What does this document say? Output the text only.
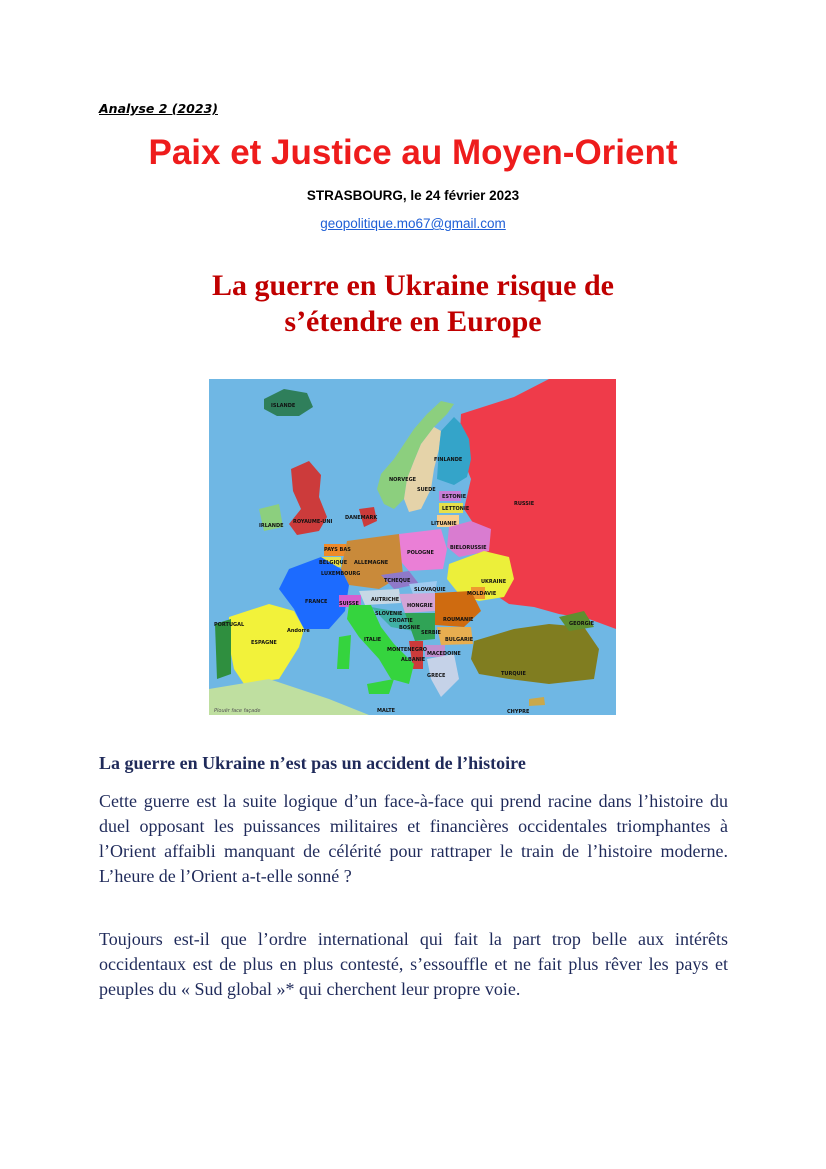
Analyse 2 (2023)
Paix et Justice au Moyen-Orient
STRASBOURG, le 24 février 2023
geopolitique.mo67@gmail.com
La guerre en Ukraine risque de
s’étendre en Europe
ISLANDE
FINLANDE
NORVEGE
SUEDE
ESTONIE
RUSSIE
IRLANDE
ROYAUME-UNI
DANEMARK
LETTONIE
LITUANIE
PAYS BAS	BIELORUSSIE
BELGIQUE ALLEMAGNE
POLOGNE
LUXEMBOURG
TCHEQUE	UKRAINE
SLOVAQUIE
MOLDAVIE
FRANCE SUISSE
AUTRICHE
HONGRIE
SLOVENIE
CROATIE	ROUMANIE
PORTUGAL
Andorre	BOSNIE
SERBIE
GEORGIE
ESPAGNE	ITALIE	BULGARIE
MONTENEGRO
MACEDOINE
ALBANIE
TURQUIE
GRECE
MALTE	CHYPRE
Plouër face façade
La guerre en Ukraine n’est pas un accident de l’histoire

Cette guerre est la suite logique d’un face-à-face qui prend racine dans l’histoire du duel opposant les puissances militaires et financières occidentales triomphantes à l’Orient affaibli manquant de célérité pour rattraper le train de l’histoire moderne. L’heure de l’Orient a-t-elle sonné ?

Toujours est-il que l’ordre international qui fait la part trop belle aux intérêts occidentaux est de plus en plus contesté, s’essouffle et ne fait plus rêver les pays et peuples du « Sud global »* qui cherchent leur propre voie.
